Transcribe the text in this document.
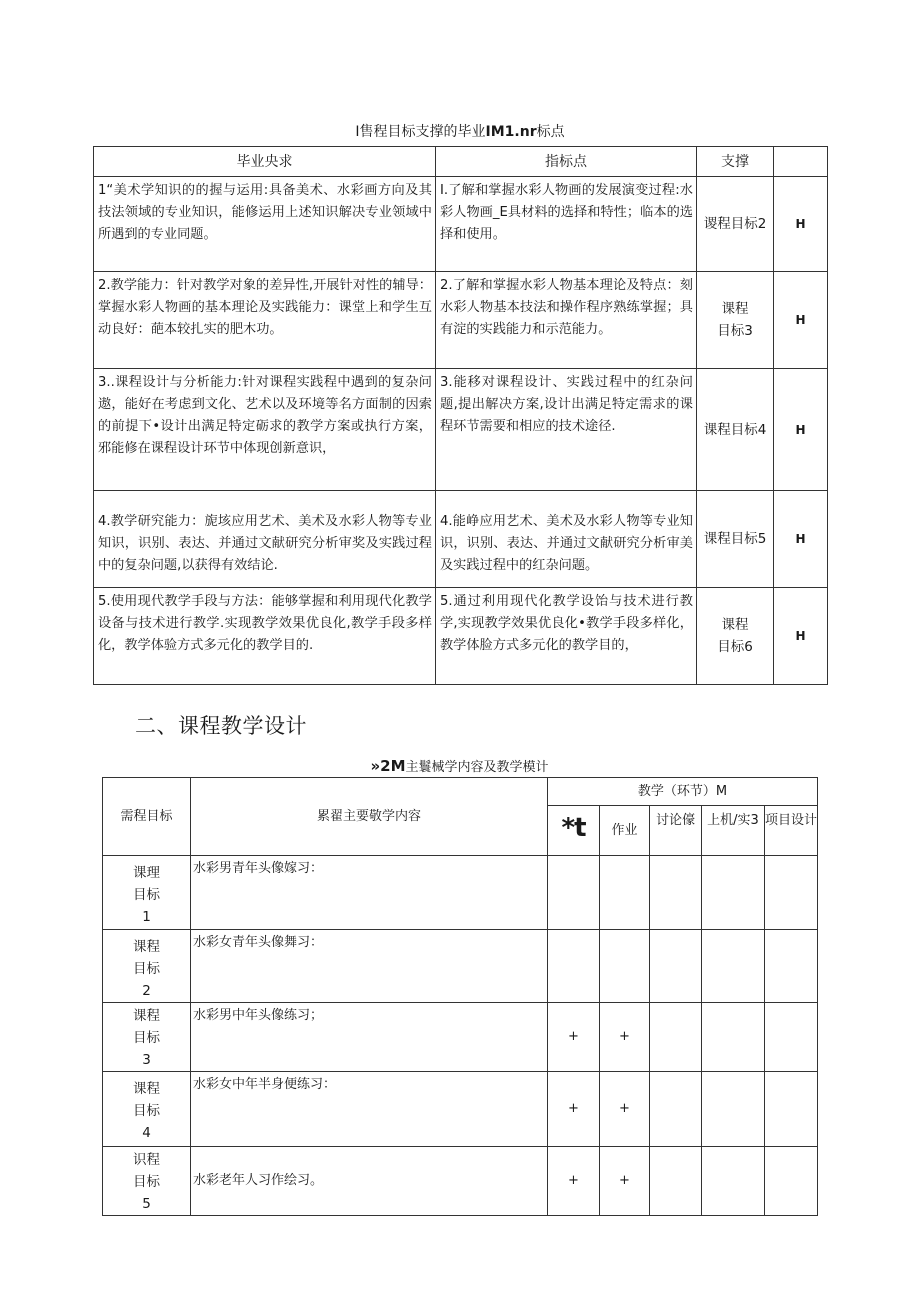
I售程目标支撑的毕业IM1.nr标点
毕业央求	指标点	支撑	
1“美术学知识的的握与运用:具备美术、水彩画方向及其技法领域的专业知识，能修运用上述知识解决专业领域中所遇到的专业同题。	I.了解和掌握水彩人物画的发展演变过程:水彩人物画_E具材料的选择和特性；临本的选择和使用。	谡程目标2	H
2.教学能力：针对教学对象的差异性,开展针对性的辅导：掌握水彩人物画的基本理论及实践能力：课堂上和学生互动良好：葩本较扎实的肥木功。	2.了解和掌握水彩人物基本理论及特点：刻水彩人物基本技法和操作程序熟练掌握；具有淀的实践能力和示范能力。	课程目标3	H
3..课程设计与分析能力:针对课程实践程中遇到的复杂问遨，能好在考虑到文化、艺术以及环境等名方面制的因索的前提下•设计出满足特定砺求的教学方案或执行方案，邪能修在课程设计环节中体现创新意识，	3.能移对课程设计、实践过程中的红杂问题,提出解决方案,设计出满足特定需求的课程环节需要和相应的技术途径.	课程目标4	H
4.教学研究能力：旎垓应用艺术、美术及水彩人物等专业知识，识别、表达、并通过文献研究分析审奖及实践过程中的复杂问题,以获得有效结论.	4.能峥应用艺术、美术及水彩人物等专业知识，识别、表达、并通过文献研究分析审美及实践过程中的红杂问题。	课程目标5	H
5.使用现代教学手段与方法：能够掌握和利用现代化教学设备与技术进行教学.实现教学效果优良化,教学手段多样化，教学体验方式多元化的教学目的.	5.通过利用现代化教学设饴与技术进行教学,实现教学效果优良化•教学手段多样化，教学体脸方式多元化的教学目的，	课程目标6	H
二、课程教学设计
»2M主鬟械学内容及教学模计
需程目标	累翟主要敬学内容	教学（环节）M				
		*t	作业	讨论儫	上机/实3	项目设计

课理目标1	水彩男青年头像嫁习：					

课程目标2	水彩女青年头像舞习：					

课程目标3	水彩男中年头像练习；	+	+			

课程目标4	水彩女中年半身便练习：	+	+			

识程目标5	水彩老年人习作绘习。	+	+			
